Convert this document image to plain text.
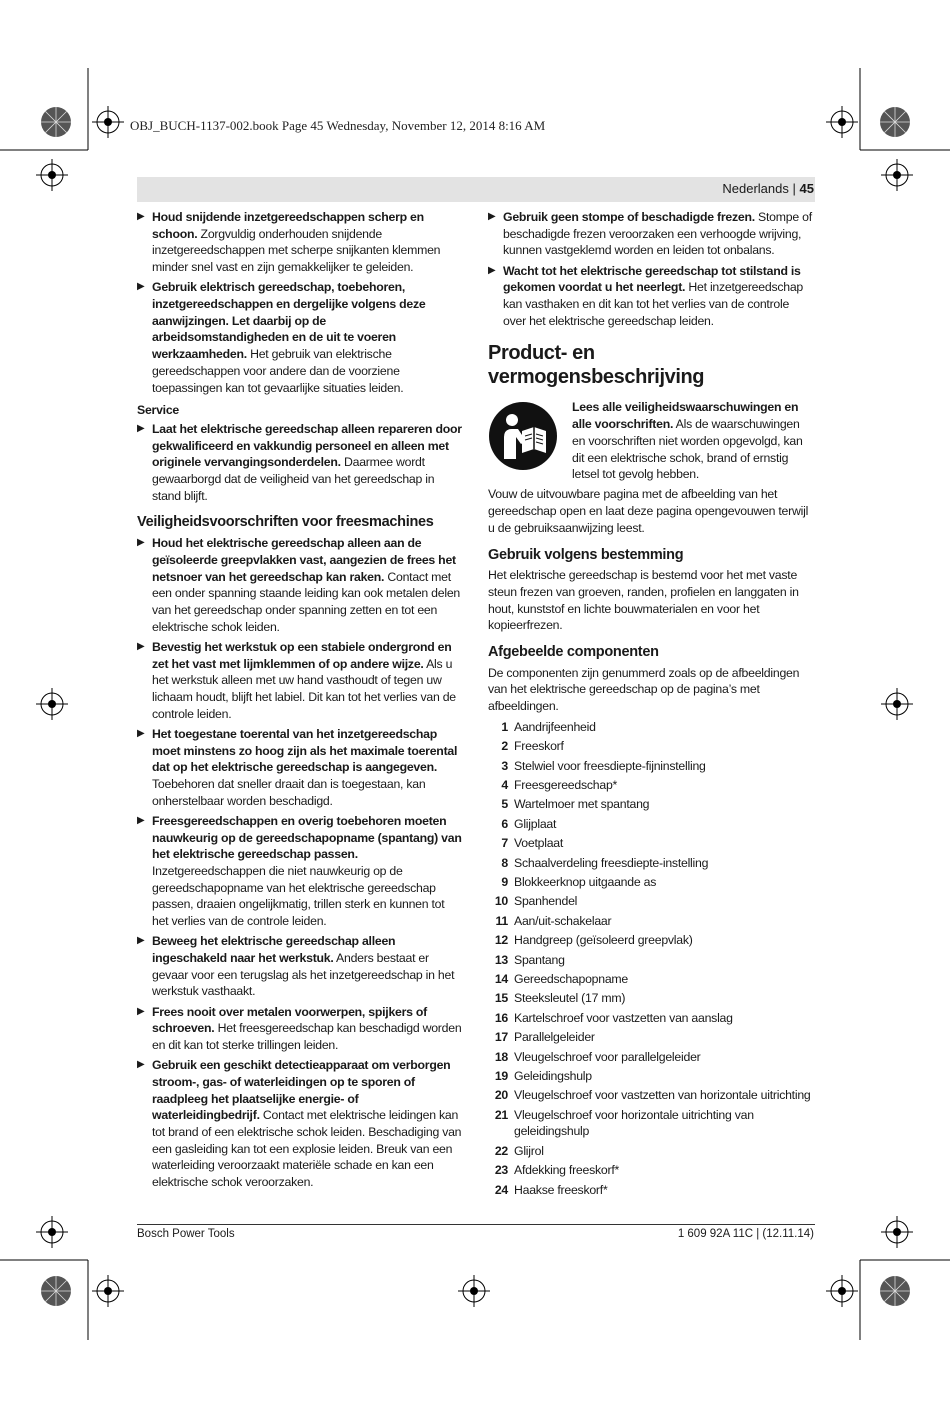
OBJ_BUCH-1137-002.book Page 45 Wednesday, November 12, 2014 8:16 AM
Nederlands | 45
▶ Houd snijdende inzetgereedschappen scherp en schoon. Zorgvuldig onderhouden snijdende inzetgereedschappen met scherpe snijkanten klemmen minder snel vast en zijn gemakkelijker te geleiden.
▶ Gebruik elektrisch gereedschap, toebehoren, inzetgereedschappen en dergelijke volgens deze aanwijzingen. Let daarbij op de arbeidsomstandigheden en de uit te voeren werkzaamheden. Het gebruik van elektrische gereedschappen voor andere dan de voorziene toepassingen kan tot gevaarlijke situaties leiden.
Service
▶ Laat het elektrische gereedschap alleen repareren door gekwalificeerd en vakkundig personeel en alleen met originele vervangingsonderdelen. Daarmee wordt gewaarborgd dat de veiligheid van het gereedschap in stand blijft.
Veiligheidsvoorschriften voor freesmachines
▶ Houd het elektrische gereedschap alleen aan de geïsoleerde greepvlakken vast, aangezien de frees het netsnoer van het gereedschap kan raken. Contact met een onder spanning staande leiding kan ook metalen delen van het gereedschap onder spanning zetten en tot een elektrische schok leiden.
▶ Bevestig het werkstuk op een stabiele ondergrond en zet het vast met lijmklemmen of op andere wijze. Als u het werkstuk alleen met uw hand vasthoudt of tegen uw lichaam houdt, blijft het labiel. Dit kan tot het verlies van de controle leiden.
▶ Het toegestane toerental van het inzetgereedschap moet minstens zo hoog zijn als het maximale toerental dat op het elektrische gereedschap is aangegeven. Toebehoren dat sneller draait dan is toegestaan, kan onherstelbaar worden beschadigd.
▶ Freesgereedschappen en overig toebehoren moeten nauwkeurig op de gereedschapopname (spantang) van het elektrische gereedschap passen. Inzetgereedschappen die niet nauwkeurig op de gereedschapopname van het elektrische gereedschap passen, draaien ongelijkmatig, trillen sterk en kunnen tot het verlies van de controle leiden.
▶ Beweeg het elektrische gereedschap alleen ingeschakeld naar het werkstuk. Anders bestaat er gevaar voor een terugslag als het inzetgereedschap in het werkstuk vasthaakt.
▶ Frees nooit over metalen voorwerpen, spijkers of schroeven. Het freesgereedschap kan beschadigd worden en dit kan tot sterke trillingen leiden.
▶ Gebruik een geschikt detectieapparaat om verborgen stroom-, gas- of waterleidingen op te sporen of raadpleeg het plaatselijke energie- of waterleidingbedrijf. Contact met elektrische leidingen kan tot brand of een elektrische schok leiden. Beschadiging van een gasleiding kan tot een explosie leiden. Breuk van een waterleiding veroorzaakt materiële schade en kan een elektrische schok veroorzaken.
▶ Gebruik geen stompe of beschadigde frezen. Stompe of beschadigde frezen veroorzaken een verhoogde wrijving, kunnen vastgeklemd worden en leiden tot onbalans.
▶ Wacht tot het elektrische gereedschap tot stilstand is gekomen voordat u het neerlegt. Het inzetgereedschap kan vasthaken en dit kan tot het verlies van de controle over het elektrische gereedschap leiden.
Product- en vermogensbeschrijving
Lees alle veiligheidswaarschuwingen en alle voorschriften. Als de waarschuwingen en voorschriften niet worden opgevolgd, kan dit een elektrische schok, brand of ernstig letsel tot gevolg hebben.
Vouw de uitvouwbare pagina met de afbeelding van het gereedschap open en laat deze pagina opengevouwen terwijl u de gebruiksaanwijzing leest.
Gebruik volgens bestemming
Het elektrische gereedschap is bestemd voor het met vaste steun frezen van groeven, randen, profielen en langgaten in hout, kunststof en lichte bouwmaterialen en voor het kopieerfrezen.
Afgebeelde componenten
De componenten zijn genummerd zoals op de afbeeldingen van het elektrische gereedschap op de pagina’s met afbeeldingen.
1 Aandrijfeenheid
2 Freeskorf
3 Stelwiel voor freesdiepte-fijninstelling
4 Freesgereedschap*
5 Wartelmoer met spantang
6 Glijplaat
7 Voetplaat
8 Schaalverdeling freesdiepte-instelling
9 Blokkeerknop uitgaande as
10 Spanhendel
11 Aan/uit-schakelaar
12 Handgreep (geïsoleerd greepvlak)
13 Spantang
14 Gereedschapopname
15 Steeksleutel (17 mm)
16 Kartelschroef voor vastzetten van aanslag
17 Parallelgeleider
18 Vleugelschroef voor parallelgeleider
19 Geleidingshulp
20 Vleugelschroef voor vastzetten van horizontale uitrichting
21 Vleugelschroef voor horizontale uitrichting van geleidingshulp
22 Glijrol
23 Afdekking freeskorf*
24 Haakse freeskorf*
Bosch Power Tools	1 609 92A 11C | (12.11.14)
